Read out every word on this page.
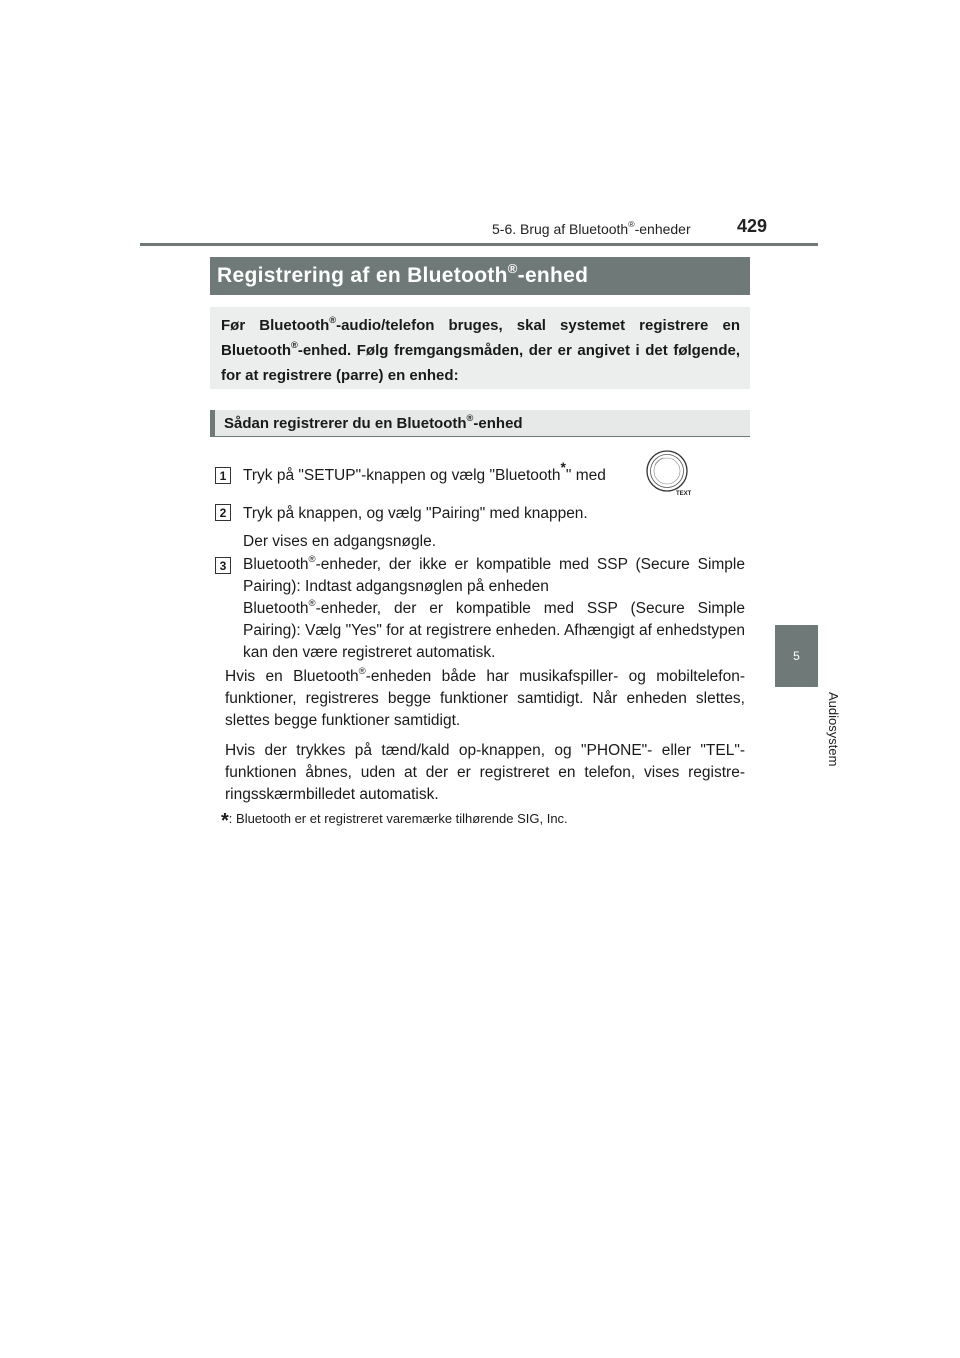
5-6. Brug af Bluetooth®-enheder	429
5
Audiosystem
Registrering af en Bluetooth®-enhed
Før Bluetooth®-audio/telefon bruges, skal systemet registrere en Bluetooth®-enhed. Følg fremgangsmåden, der er angivet i det følgende, for at registrere (parre) en enhed:
Sådan registrerer du en Bluetooth®-enhed
1	Tryk på "SETUP"-knappen og vælg "Bluetooth*" med
TEXT
2	Tryk på knappen, og vælg "Pairing" med knappen.
Der vises en adgangsnøgle.
3	Bluetooth®-enheder, der ikke er kompatible med SSP (Secure Simple Pairing): Indtast adgangsnøglen på enheden
Bluetooth®-enheder, der er kompatible med SSP (Secure Simple Pairing): Vælg "Yes" for at registrere enheden. Afhængigt af enhedstypen kan den være registreret automatisk.
Hvis en Bluetooth®-enheden både har musikafspiller- og mobiltelefon-funktioner, registreres begge funktioner samtidigt. Når enheden slettes, slettes begge funktioner samtidigt.
Hvis der trykkes på tænd/kald op-knappen, og "PHONE"- eller "TEL"-funktionen åbnes, uden at der er registreret en telefon, vises registre-ringsskærmbilledet automatisk.
*: Bluetooth er et registreret varemærke tilhørende SIG, Inc.
